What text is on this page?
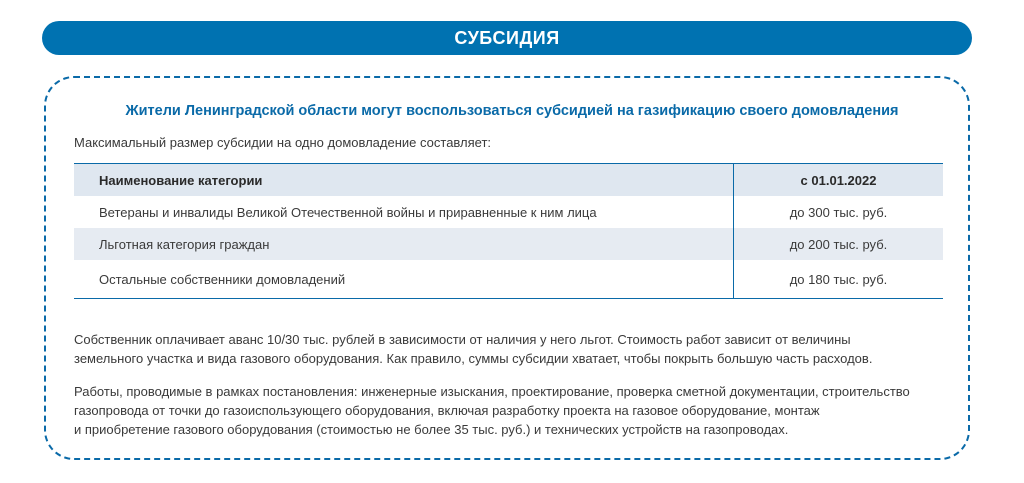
СУБСИДИЯ
Жители Ленинградской области могут воспользоваться субсидией на газификацию своего домовладения
Максимальный размер субсидии на одно домовладение составляет:
Наименование категории	с 01.01.2022
Ветераны и инвалиды Великой Отечественной войны и приравненные к ним лица	до 300 тыс. руб.
Льготная категория граждан	до 200 тыс. руб.
Остальные собственники домовладений	до 180 тыс. руб.
Собственник оплачивает аванс 10/30 тыс. рублей в зависимости от наличия у него льгот. Стоимость работ зависит от величины
земельного участка и вида газового оборудования. Как правило, суммы субсидии хватает, чтобы покрыть большую часть расходов.
Работы, проводимые в рамках постановления: инженерные изыскания, проектирование, проверка сметной документации, строительство
газопровода от точки до газоиспользующего оборудования, включая разработку проекта на газовое оборудование, монтаж
и приобретение газового оборудования (стоимостью не более 35 тыс. руб.) и технических устройств на газопроводах.
